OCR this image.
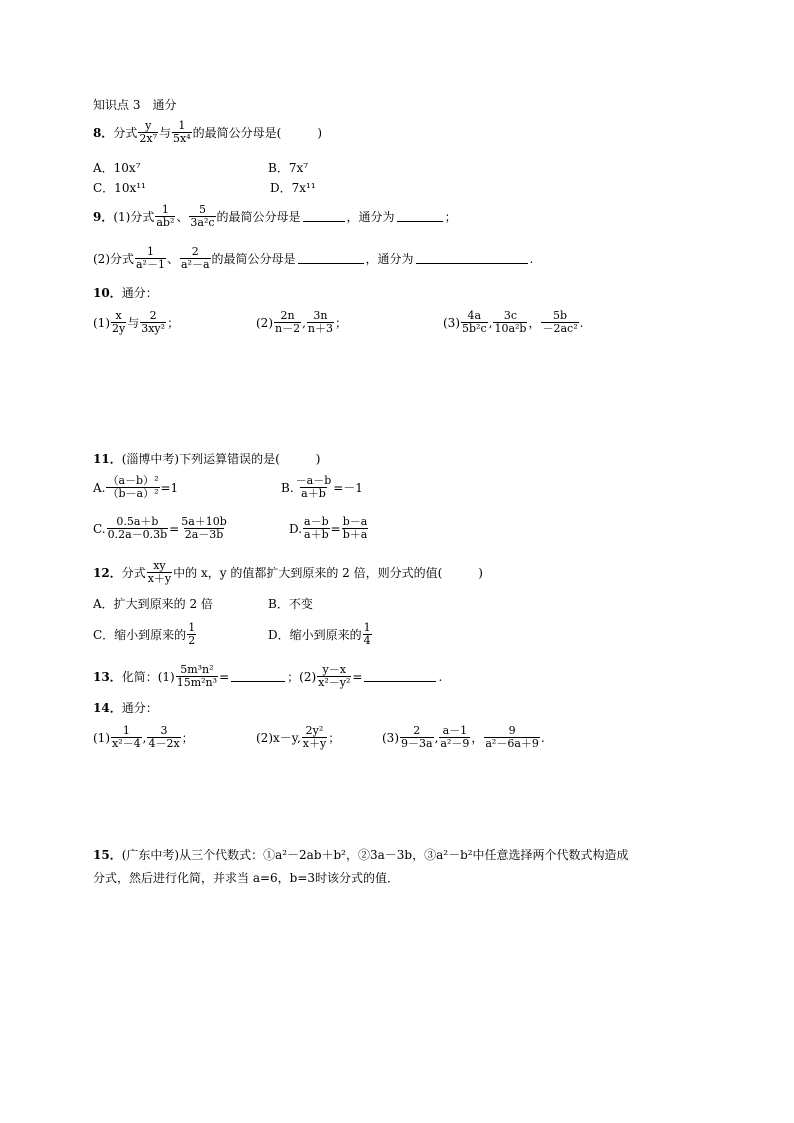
知识点 3　通分
8． 分式 $\frac{y}{\text{2x⁷}}$ 与 $\frac{1}{\text{5x⁴}}$ 的最简公分母是(　　　)
A．10x⁷	B．7x⁷
C．10x¹¹	D．7x¹¹
9． (1)分式 $\frac{1}{\text{ab²}}$ 、 $\frac{5}{\text{3a²c}}$ 的最简公分母是	，通分为	；
(2)分式 $\frac{1}{\text{a²－1}}$ 、 $\frac{2}{\text{a²－a}}$ 的最简公分母是	，通分为	.
10． 通分：
$(1) \frac{x}{2y}$ 与 $\frac{2}{\text{3xy²}}$ ；	$(2) \frac{2n}{n-2}$ , $\frac{3n}{n+3}$ ；	$(3) \frac{4a}{\text{5b²c}}$ , $\frac{3c}{\text{10a²b}}$ ， $\frac{5b}{\text{－2ac²}}$ .
11． (淄博中考)下列运算错误的是(　　　)
A. $\frac{\text{（a－b）²}}{\text{（b－a）²}} =1$	B. $\frac{-a-b}{a+b} =-1$
C. $\frac{0.5a+b}{0.2a-0.3b} = \frac{5a+10b}{2a-3b}$	D. $\frac{a-b}{a+b} = \frac{b-a}{b+a}$
12． 分式 $\frac{xy}{x+y}$ 中的 x，y 的值都扩大到原来的 2 倍，则分式的值(　　　)
A．扩大到原来的 2 倍	B．不变
C．缩小到原来的 $\frac{1}{2}$	D．缩小到原来的 $\frac{1}{4}$
13． 化简： $(1) \frac{\text{5m³n²}}{\text{15m²n³}}$ =	； $(2) \frac{y-x}{\text{x²－y²}}$ =	.
14． 通分：
$(1) \frac{1}{\text{x²－4}}$ , $\frac{3}{4-2x}$ ；	(2)x－y, $\frac{\text{2y²}}{x+y}$ ；	$(3) \frac{2}{9-3a}$ , $\frac{a-1}{\text{a²－9}}$ ， $\frac{9}{\text{a²－6a＋9}}$ .
15． (广东中考)从三个代数式：①a²－2ab＋b²，②3a－3b，③a²－b²中任意选择两个代数式构造成
分式，然后进行化简，并求当 a=6，b=3时该分式的值．
